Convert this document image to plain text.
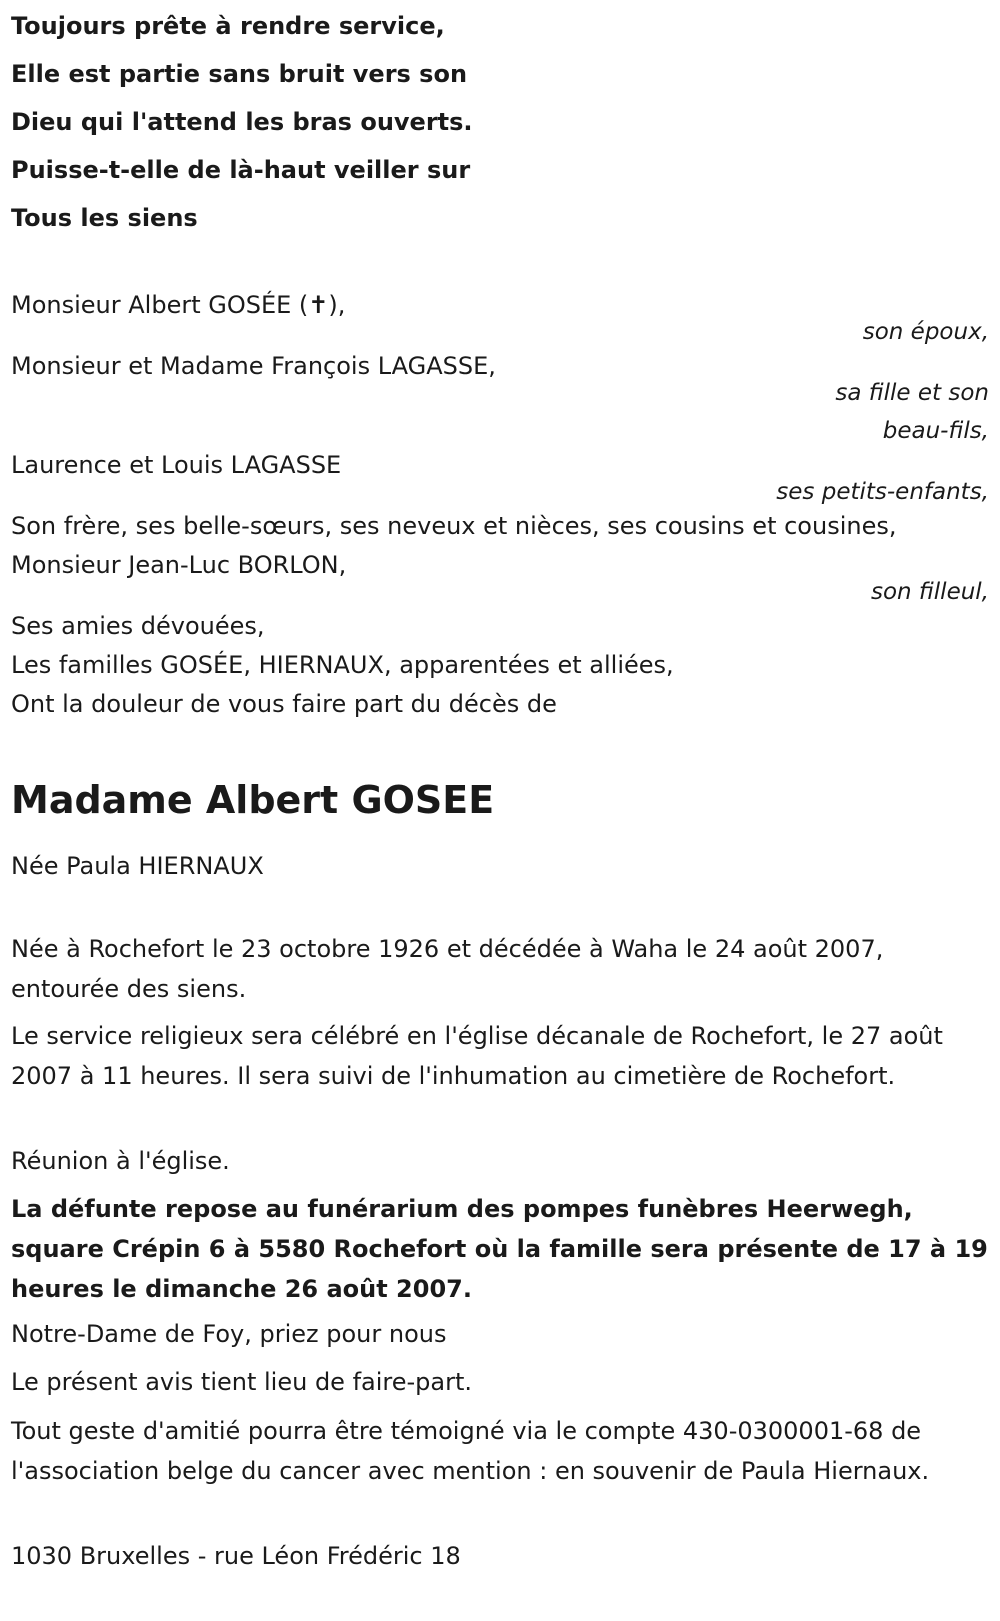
Toujours prête à rendre service,
Elle est partie sans bruit vers son
Dieu qui l'attend les bras ouverts.
Puisse-t-elle de là-haut veiller sur
Tous les siens
Monsieur Albert GOSÉE (✝),
son époux,
Monsieur et Madame François LAGASSE,
sa fille et son
beau-fils,
Laurence et Louis LAGASSE
ses petits-enfants,
Son frère, ses belle-sœurs, ses neveux et nièces, ses cousins et cousines,
Monsieur Jean-Luc BORLON,
son filleul,
Ses amies dévouées,
Les familles GOSÉE, HIERNAUX, apparentées et alliées,
Ont la douleur de vous faire part du décès de
Madame Albert GOSEE
Née Paula HIERNAUX
Née à Rochefort le 23 octobre 1926 et décédée à Waha le 24 août 2007, entourée des siens.
Le service religieux sera célébré en l'église décanale de Rochefort, le 27 août 2007 à 11 heures. Il sera suivi de l'inhumation au cimetière de Rochefort.
Réunion à l'église.
La défunte repose au funérarium des pompes funèbres Heerwegh, square Crépin 6 à 5580 Rochefort où la famille sera présente de 17 à 19 heures le dimanche 26 août 2007.
Notre-Dame de Foy, priez pour nous
Le présent avis tient lieu de faire-part.
Tout geste d'amitié pourra être témoigné via le compte 430-0300001-68 de l'association belge du cancer avec mention : en souvenir de Paula Hiernaux.
1030 Bruxelles - rue Léon Frédéric 18
